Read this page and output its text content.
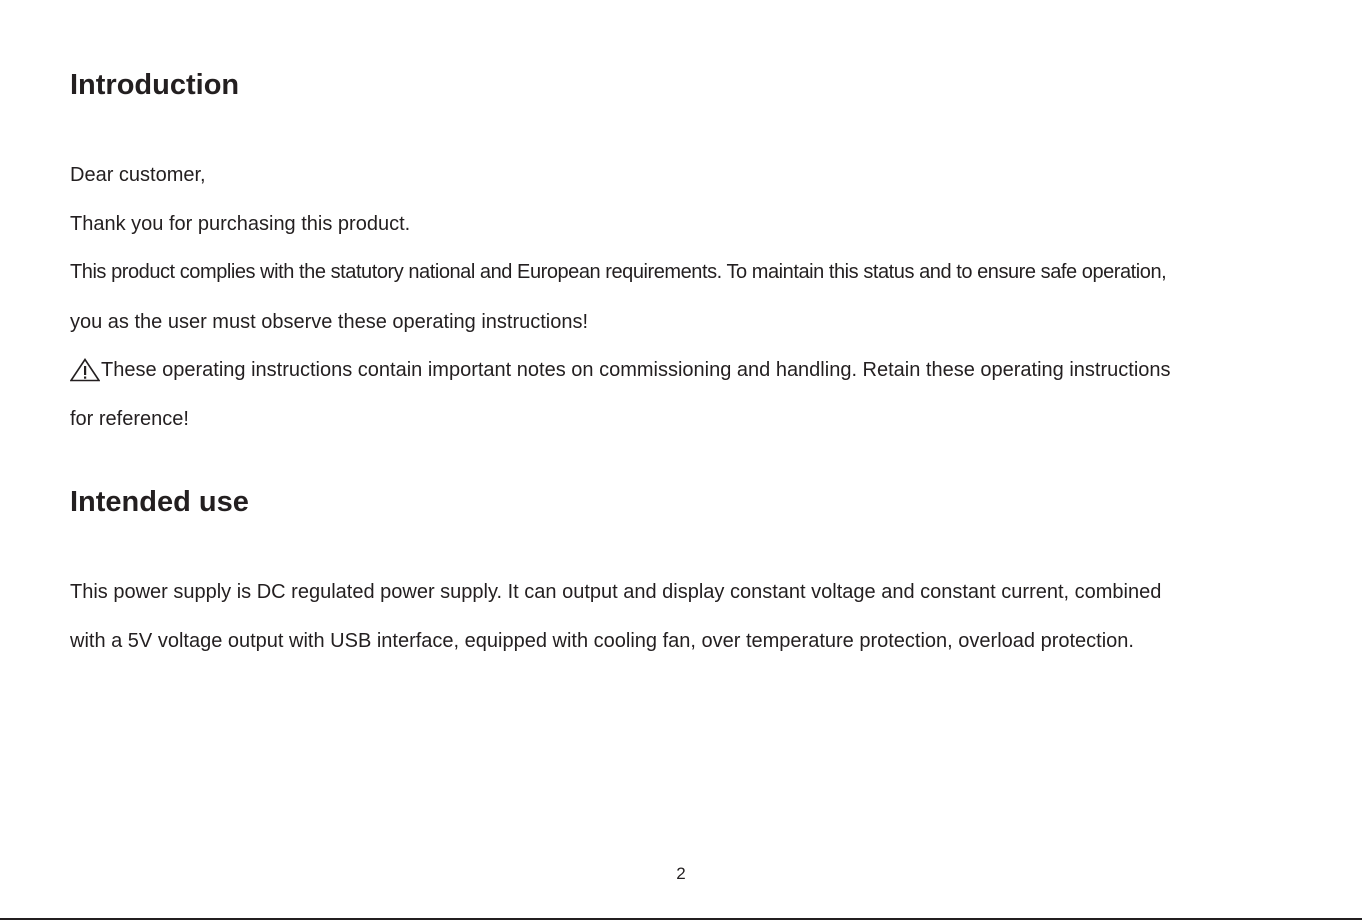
Introduction

Dear customer,

Thank you for purchasing this product.

This product complies with the statutory national and European requirements. To maintain this status and to ensure safe operation,

you as the user must observe these operating instructions!

These operating instructions contain important notes on commissioning and handling. Retain these operating instructions

for reference!

Intended use

This power supply is DC regulated power supply. It can output and display constant voltage and constant current, combined

with a 5V voltage output with USB interface, equipped with cooling fan, over temperature protection, overload protection.

2
